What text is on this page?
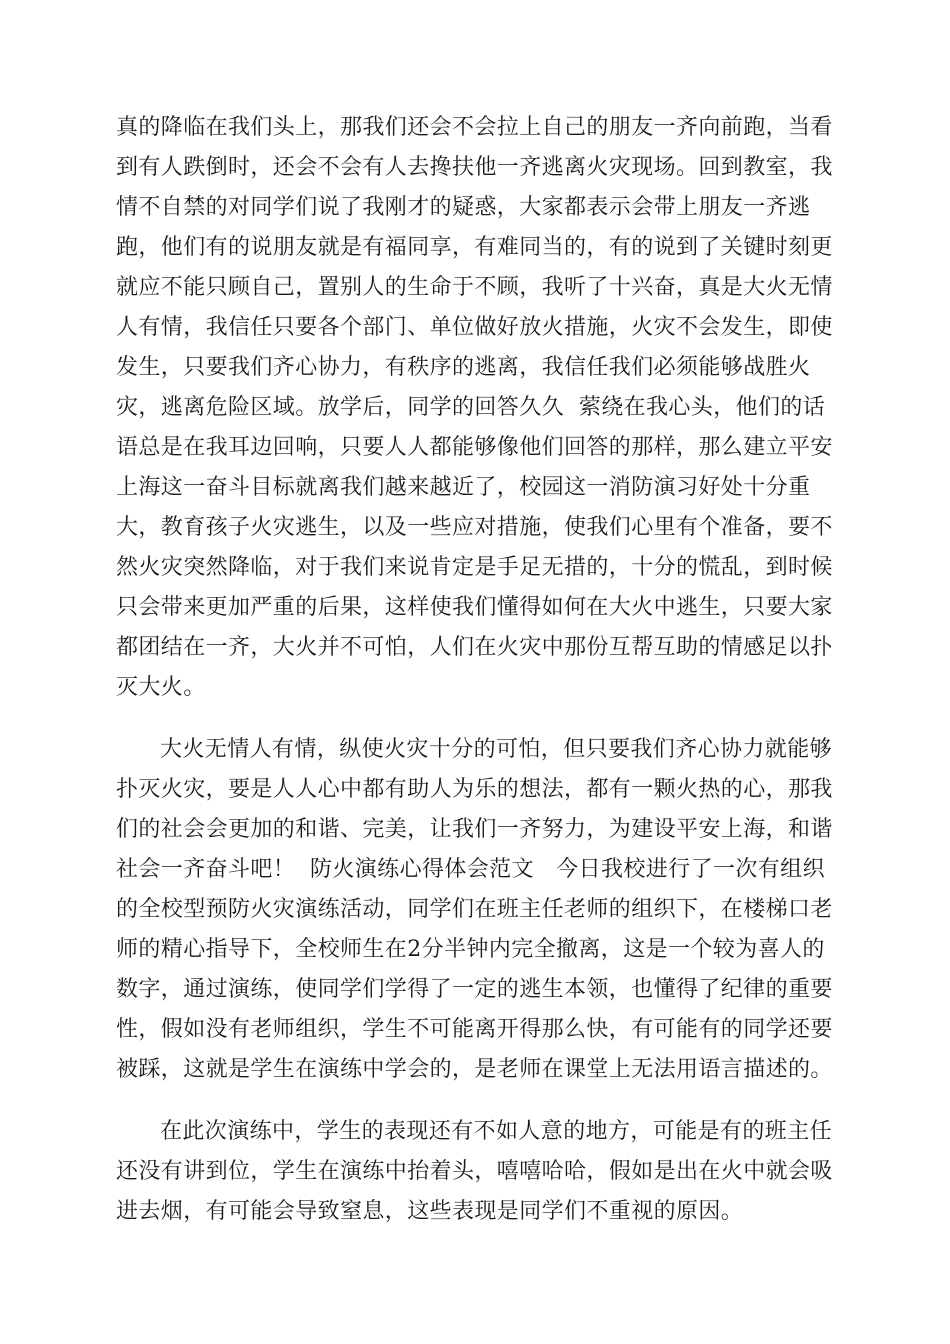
真的降临在我们头上，那我们还会不会拉上自己的朋友一齐向前跑，当看
到有人跌倒时，还会不会有人去搀扶他一齐逃离火灾现场。回到教室，我
情不自禁的对同学们说了我刚才的疑惑，大家都表示会带上朋友一齐逃
跑，他们有的说朋友就是有福同享，有难同当的，有的说到了关键时刻更
就应不能只顾自己，置别人的生命于不顾，我听了十兴奋，真是大火无情
人有情，我信任只要各个部门、单位做好放火措施，火灾不会发生，即使
发生，只要我们齐心协力，有秩序的逃离，我信任我们必须能够战胜火
灾，逃离危险区域。放学后，同学的回答久久  萦绕在我心头，他们的话
语总是在我耳边回响，只要人人都能够像他们回答的那样，那么建立平安
上海这一奋斗目标就离我们越来越近了，校园这一消防演习好处十分重
大，教育孩子火灾逃生，以及一些应对措施，使我们心里有个准备，要不
然火灾突然降临，对于我们来说肯定是手足无措的，十分的慌乱，到时候
只会带来更加严重的后果，这样使我们懂得如何在大火中逃生，只要大家
都团结在一齐，大火并不可怕，人们在火灾中那份互帮互助的情感足以扑
灭大火。
大火无情人有情，纵使火灾十分的可怕，但只要我们齐心协力就能够
扑灭火灾，要是人人心中都有助人为乐的想法，都有一颗火热的心，那我
们的社会会更加的和谐、完美，让我们一齐努力，为建设平安上海，和谐
社会一齐奋斗吧！  防火演练心得体会范文   今日我校进行了一次有组织
的全校型预防火灾演练活动，同学们在班主任老师的组织下，在楼梯口老
师的精心指导下，全校师生在2分半钟内完全撤离，这是一个较为喜人的
数字，通过演练，使同学们学得了一定的逃生本领，也懂得了纪律的重要
性，假如没有老师组织，学生不可能离开得那么快，有可能有的同学还要
被踩，这就是学生在演练中学会的，是老师在课堂上无法用语言描述的。
在此次演练中，学生的表现还有不如人意的地方，可能是有的班主任
还没有讲到位，学生在演练中抬着头，嘻嘻哈哈，假如是出在火中就会吸
进去烟，有可能会导致窒息，这些表现是同学们不重视的原因。
